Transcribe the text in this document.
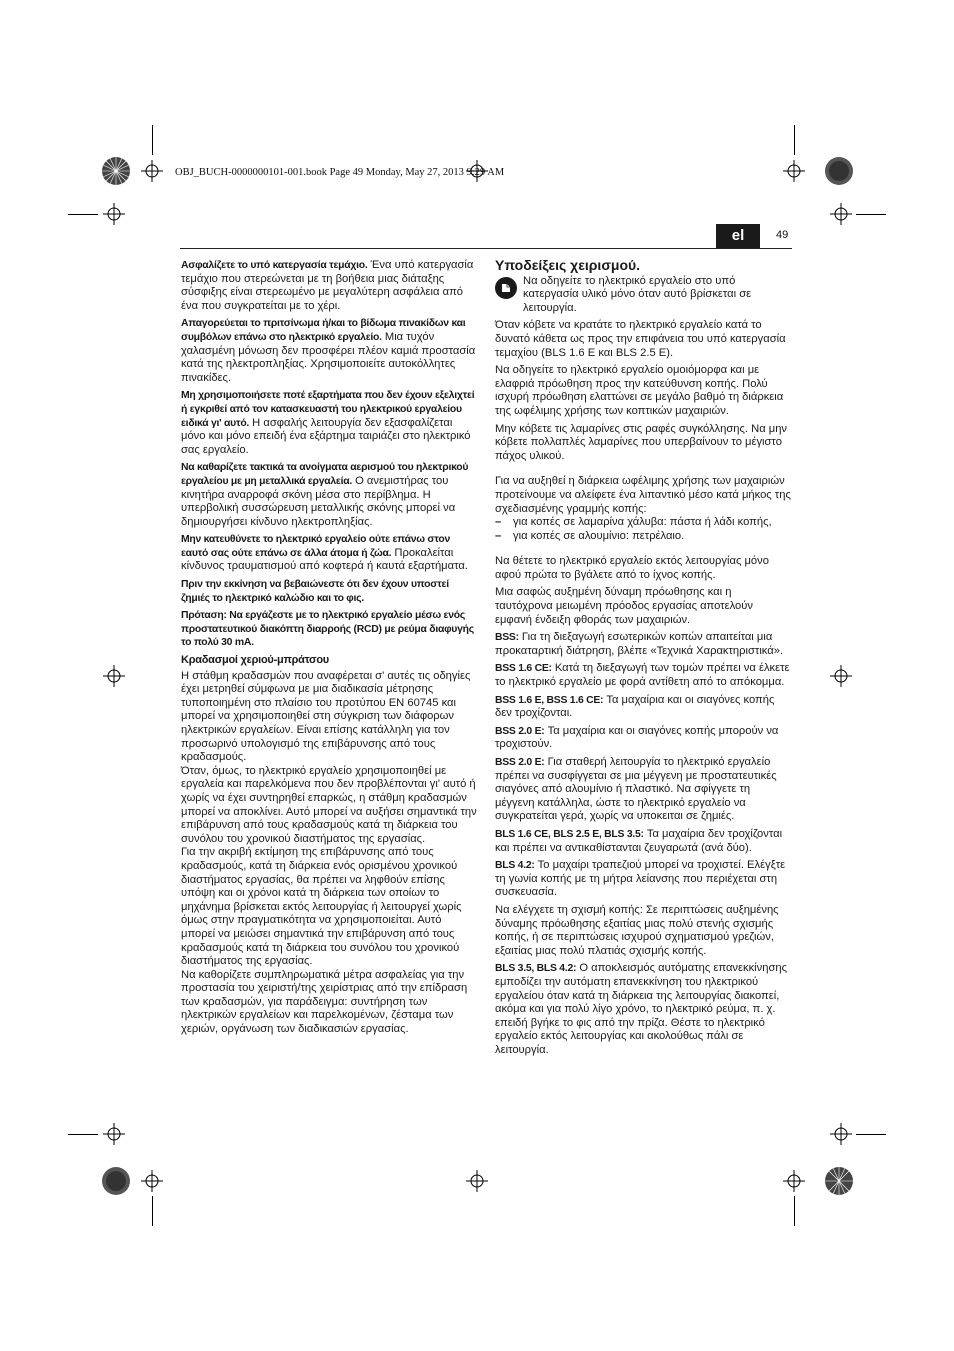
OBJ_BUCH-0000000101-001.book Page 49 Monday, May 27, 2013 9:29 AM
el	49

Ασφαλίζετε το υπό κατεργασία τεμάχιο. Ένα υπό κατεργασία τεμάχιο που στερεώνεται με τη βοήθεια μιας διάταξης σύσφιξης είναι στερεωμένο με μεγαλύτερη ασφάλεια από ένα που συγκρατείται με το χέρι.

Απαγορεύεται το πριτσίνωμα ή/και το βίδωμα πινακίδων και συμβόλων επάνω στο ηλεκτρικό εργαλείο. Μια τυχόν χαλασμένη μόνωση δεν προσφέρει πλέον καμιά προστασία κατά της ηλεκτροπληξίας. Χρησιμοποιείτε αυτοκόλλητες πινακίδες.

Μη χρησιμοποιήσετε ποτέ εξαρτήματα που δεν έχουν εξελιχτεί ή εγκριθεί από τον κατασκευαστή του ηλεκτρικού εργαλείου ειδικά γι' αυτό. Η ασφαλής λειτουργία δεν εξασφαλίζεται μόνο και μόνο επειδή ένα εξάρτημα ταιριάζει στο ηλεκτρικό σας εργαλείο.

Να καθαρίζετε τακτικά τα ανοίγματα αερισμού του ηλεκτρικού εργαλείου με μη μεταλλικά εργαλεία. Ο ανεμιστήρας του κινητήρα αναρροφά σκόνη μέσα στο περίβλημα. Η υπερβολική συσσώρευση μεταλλικής σκόνης μπορεί να δημιουργήσει κίνδυνο ηλεκτροπληξίας.

Μην κατευθύνετε το ηλεκτρικό εργαλείο ούτε επάνω στον εαυτό σας ούτε επάνω σε άλλα άτομα ή ζώα. Προκαλείται κίνδυνος τραυματισμού από κοφτερά ή καυτά εξαρτήματα.

Πριν την εκκίνηση να βεβαιώνεστε ότι δεν έχουν υποστεί ζημιές το ηλεκτρικό καλώδιο και το φις.

Πρόταση: Να εργάζεστε με το ηλεκτρικό εργαλείο μέσω ενός προστατευτικού διακόπτη διαρροής (RCD) με ρεύμα διαφυγής το πολύ 30 mA.

Κραδασμοί χεριού-μπράτσου
Η στάθμη κραδασμών που αναφέρεται σ' αυτές τις οδηγίες έχει μετρηθεί σύμφωνα με μια διαδικασία μέτρησης τυποποιημένη στο πλαίσιο του προτύπου EN 60745 και μπορεί να χρησιμοποιηθεί στη σύγκριση των διάφορων ηλεκτρικών εργαλείων. Είναι επίσης κατάλληλη για τον προσωρινό υπολογισμό της επιβάρυνσης από τους κραδασμούς.
Όταν, όμως, το ηλεκτρικό εργαλείο χρησιμοποιηθεί με εργαλεία και παρελκόμενα που δεν προβλέπονται γι' αυτό ή χωρίς να έχει συντηρηθεί επαρκώς, η στάθμη κραδασμών μπορεί να αποκλίνει. Αυτό μπορεί να αυξήσει σημαντικά την επιβάρυνση από τους κραδασμούς κατά τη διάρκεια του συνόλου του χρονικού διαστήματος της εργασίας.
Για την ακριβή εκτίμηση της επιβάρυνσης από τους κραδασμούς, κατά τη διάρκεια ενός ορισμένου χρονικού διαστήματος εργασίας, θα πρέπει να ληφθούν επίσης υπόψη και οι χρόνοι κατά τη διάρκεια των οποίων το μηχάνημα βρίσκεται εκτός λειτουργίας ή λειτουργεί χωρίς όμως στην πραγματικότητα να χρησιμοποιείται. Αυτό μπορεί να μειώσει σημαντικά την επιβάρυνση από τους κραδασμούς κατά τη διάρκεια του συνόλου του χρονικού διαστήματος της εργασίας.
Να καθορίζετε συμπληρωματικά μέτρα ασφαλείας για την προστασία του χειριστή/της χειρίστριας από την επίδραση των κραδασμών, για παράδειγμα: συντήρηση των ηλεκτρικών εργαλείων και παρελκομένων, ζέσταμα των χεριών, οργάνωση των διαδικασιών εργασίας.
Υποδείξεις χειρισμού.
Να οδηγείτε το ηλεκτρικό εργαλείο στο υπό κατεργασία υλικό μόνο όταν αυτό βρίσκεται σε λειτουργία.

Όταν κόβετε να κρατάτε το ηλεκτρικό εργαλείο κατά το δυνατό κάθετα ως προς την επιφάνεια του υπό κατεργασία τεμαχίου (BLS 1.6 E και BLS 2.5 E).

Να οδηγείτε το ηλεκτρικό εργαλείο ομοιόμορφα και με ελαφριά πρόωθηση προς την κατεύθυνση κοπής. Πολύ ισχυρή πρόωθηση ελαττώνει σε μεγάλο βαθμό τη διάρκεια της ωφέλιμης χρήσης των κοπτικών μαχαιριών.

Μην κόβετε τις λαμαρίνες στις ραφές συγκόλλησης. Να μην κόβετε πολλαπλές λαμαρίνες που υπερβαίνουν το μέγιστο πάχος υλικού.

Για να αυξηθεί η διάρκεια ωφέλιμης χρήσης των μαχαιριών προτείνουμε να αλείφετε ένα λιπαντικό μέσο κατά μήκος της σχεδιασμένης γραμμής κοπής:

– για κοπές σε λαμαρίνα χάλυβα: πάστα ή λάδι κοπής,
– για κοπές σε αλουμίνιο: πετρέλαιο.

Να θέτετε το ηλεκτρικό εργαλείο εκτός λειτουργίας μόνο αφού πρώτα το βγάλετε από το ίχνος κοπής.

Μια σαφώς αυξημένη δύναμη πρόωθησης και η ταυτόχρονα μειωμένη πρόοδος εργασίας αποτελούν εμφανή ένδειξη φθοράς των μαχαιριών.

BSS: Για τη διεξαγωγή εσωτερικών κοπών απαιτείται μια προκαταρτική διάτρηση, βλέπε «Τεχνικά Χαρακτηριστικά».

BSS 1.6 CE: Κατά τη διεξαγωγή των τομών πρέπει να έλκετε το ηλεκτρικό εργαλείο με φορά αντίθετη από το απόκομμα.

BSS 1.6 E, BSS 1.6 CE: Τα μαχαίρια και οι σιαγόνες κοπής δεν τροχίζονται.

BSS 2.0 E: Τα μαχαίρια και οι σιαγόνες κοπής μπορούν να τροχιστούν.

BSS 2.0 E: Για σταθερή λειτουργία το ηλεκτρικό εργαλείο πρέπει να συσφίγγεται σε μια μέγγενη με προστατευτικές σιαγόνες από αλουμίνιο ή πλαστικό. Να σφίγγετε τη μέγγενη κατάλληλα, ώστε το ηλεκτρικό εργαλείο να συγκρατείται γερά, χωρίς να υποκειται σε ζημιές.

BLS 1.6 CE, BLS 2.5 E, BLS 3.5: Τα μαχαίρια δεν τροχίζονται και πρέπει να αντικαθίστανται ζευγαρωτά (ανά δύο).

BLS 4.2: Το μαχαίρι τραπεζιού μπορεί να τροχιστεί. Ελέγξτε τη γωνία κοπής με τη μήτρα λείανσης που περιέχεται στη συσκευασία.

Να ελέγχετε τη σχισμή κοπής: Σε περιπτώσεις αυξημένης δύναμης πρόωθησης εξαιτίας μιας πολύ στενής σχισμής κοπής, ή σε περιπτώσεις ισχυρού σχηματισμού γρεζιών, εξαιτίας μιας πολύ πλατιάς σχισμής κοπής.

BLS 3.5, BLS 4.2: Ο αποκλεισμός αυτόματης επανεκκίνησης εμποδίζει την αυτόματη επανεκκίνηση του ηλεκτρικού εργαλείου όταν κατά τη διάρκεια της λειτουργίας διακοπεί, ακόμα και για πολύ λίγο χρόνο, το ηλεκτρικό ρεύμα, π. χ. επειδή βγήκε το φις από την πρίζα. Θέστε το ηλεκτρικό εργαλείο εκτός λειτουργίας και ακολούθως πάλι σε λειτουργία.
